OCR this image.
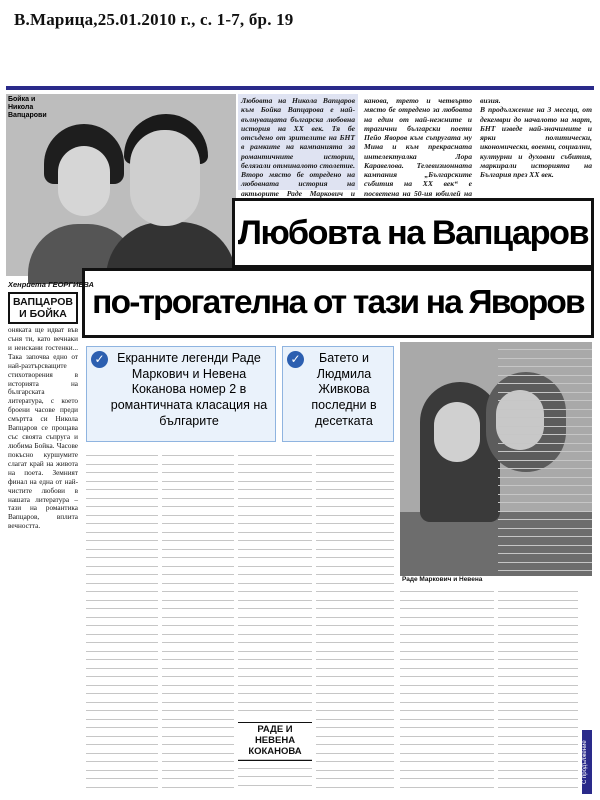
В.Марица,25.01.2010 г., с. 1-7, бр. 19
Бойка и Никола Вапцарови
Любовта на Никола Вапцаров към Бойка Вапцарова е най-вълнуващата българска любовна история на XX век. Тя бе отсъдено от зрителите на БНТ в рамките на кампанията за романтичните истории, белязали отминалото столетие. Второ място бе отредено на любовната история на актьорите Раде Маркович и
канова, трето и четвърто място бе отредено за любовта на един от най-нежните и трагични български поети Пейо Яворов към съпругата му Мина и към прекрасната интелектуалка Лора Каравелова. Телевизионната кампания „Българските събития на XX век“ е посветена на 50-ия юбилей на
визия.
В продължение на 3 месеца, от декември до началото на март, БНТ изведе най-значимите и ярки политически, икономически, военни, социални, културни и духовни събития, маркирали историята на България през XX век.
Любовта на Вапцаров
по-трогателна от тази на Яворов
Хенриета ГЕОРГИЕВА
ВАПЦАРОВ И БОЙКА
оняката ще идват във съня ти, като вечнаки и неискани гостенки... Така започва едно от най-разтърсващите стихотворения в историята на българската литература, с което броени часове преди смъртта си Никола Вапцаров се прощава със своята съпруга и любима Бойка. Часове покъсно куршумите слагат край на живота на поета. Земният финал на една от най-чистите любови в нашата литература – тази на романтика Вапцаров, вплита вечността.
✓	Екранните легенди Раде Маркович и Невена Коканова номер 2 в романтичната класация на българите

✓	Батето и Людмила Живкова последни в десетката

Раде Маркович и Невена
РАДЕ И НЕВЕНА КОКАНОВА	С продължение
